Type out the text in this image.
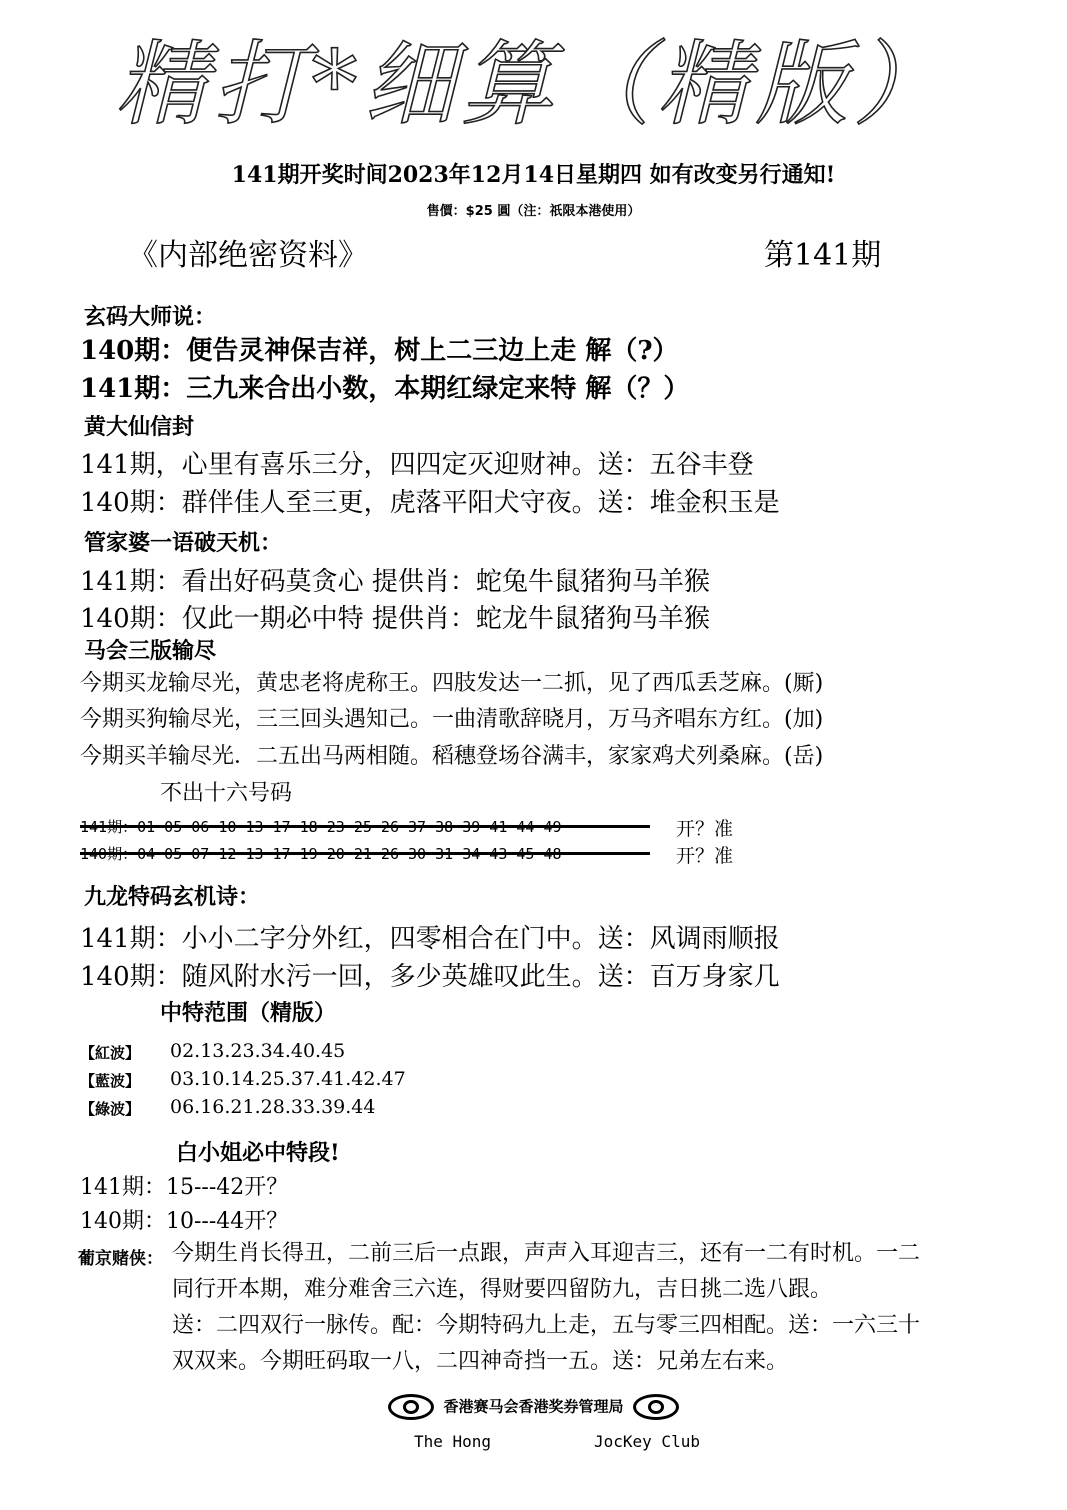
精打*细算（精版）
141期开奖时间2023年12月14日星期四 如有改变另行通知!
售價：$25 圓（注：祇限本港使用）
《内部绝密资料》	第141期
玄码大师说：
140期：便告灵神保吉祥，树上二三边上走 解（?）
141期：三九来合出小数，本期红绿定来特 解（？）
黄大仙信封
141期，心里有喜乐三分，四四定灭迎财神。送：五谷丰登
140期：群伴佳人至三更，虎落平阳犬守夜。送：堆金积玉是
管家婆一语破天机：
141期：看出好码莫贪心 提供肖：蛇兔牛鼠猪狗马羊猴
140期：仅此一期必中特 提供肖：蛇龙牛鼠猪狗马羊猴
马会三版输尽
今期买龙输尽光，黄忠老将虎称王。四肢发达一二抓，见了西瓜丢芝麻。(厮)
今期买狗输尽光，三三回头遇知己。一曲清歌辞晓月，万马齐唱东方红。(加)
今期买羊输尽光．二五出马两相随。稻穗登场谷满丰，家家鸡犬列桑麻。(岳)
不出十六号码
开？准
开？准
九龙特码玄机诗：
141期：小小二字分外红，四零相合在门中。送：风调雨顺报
140期：随风附水污一回，多少英雄叹此生。送：百万身家几
中特范围（精版）
【紅波】 02.13.23.34.40.45
【藍波】 03.10.14.25.37.41.42.47
【綠波】 06.16.21.28.33.39.44
白小姐必中特段!
141期：15---42开？
140期：10---44开？
葡京赌侠： 今期生肖长得丑，二前三后一点跟，声声入耳迎吉三，还有一二有时机。一二
同行开本期，难分难舍三六连，得财要四留防九，吉日挑二选八跟。
送：二四双行一脉传。配：今期特码九上走，五与零三四相配。送：一六三十
双双来。今期旺码取一八，二四神奇挡一五。送：兄弟左右来。
香港赛马会香港奖券管理局
The Hong	JocKey Club
